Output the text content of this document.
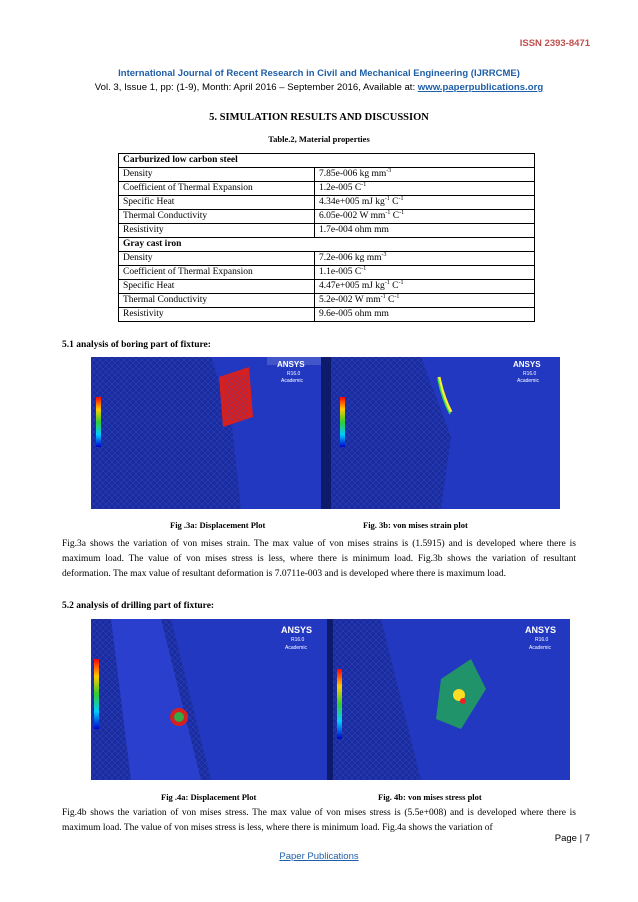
ISSN 2393-8471
International Journal of Recent Research in Civil and Mechanical Engineering (IJRRCME)
Vol. 3, Issue 1, pp: (1-9), Month: April 2016 – September 2016, Available at: www.paperpublications.org
5. SIMULATION RESULTS AND DISCUSSION
Table.2, Material properties
Carburized low carbon steel	
Density	7.85e-006 kg $mm^{-3}$
Coefficient of Thermal Expansion	1.2e-005 $C^{-1}$
Specific Heat	4.34e+005 mJ $kg^{-1}$ $C^{-1}$
Thermal Conductivity	6.05e-002 W $mm^{-1}$ $C^{-1}$
Resistivity	1.7e-004 ohm mm
Gray cast iron	
Density	7.2e-006 kg $mm^{-3}$
Coefficient of Thermal Expansion	1.1e-005 $C^{-1}$
Specific Heat	4.47e+005 mJ $kg^{-1}$ $C^{-1}$
Thermal Conductivity	5.2e-002 W $mm^{-1}$ $C^{-1}$
Resistivity	9.6e-005 ohm mm
5.1 analysis of boring part of fixture:
ANSYS
R16.0
Academic
ANSYS
R16.0
Academic
Fig .3a: Displacement Plot	Fig. 3b: von mises strain plot
Fig.3a shows the variation of von mises strain. The max value of von mises strains is (1.5915) and is developed where there is maximum load. The value of von mises stress is less, where there is minimum load. Fig.3b shows the variation of resultant deformation. The max value of resultant deformation is 7.0711e-003 and is developed where there is maximum load.
5.2 analysis of drilling part of fixture:
ANSYS
R16.0
Academic
ANSYS
R16.0
Academic
Fig .4a: Displacement Plot	Fig. 4b: von mises stress plot
Fig.4b shows the variation of von mises stress. The max value of von mises stress is (5.5e+008) and is developed where there is maximum load. The value of von mises stress is less, where there is minimum load. Fig.4a shows the variation of
Page | 7
Paper Publications
